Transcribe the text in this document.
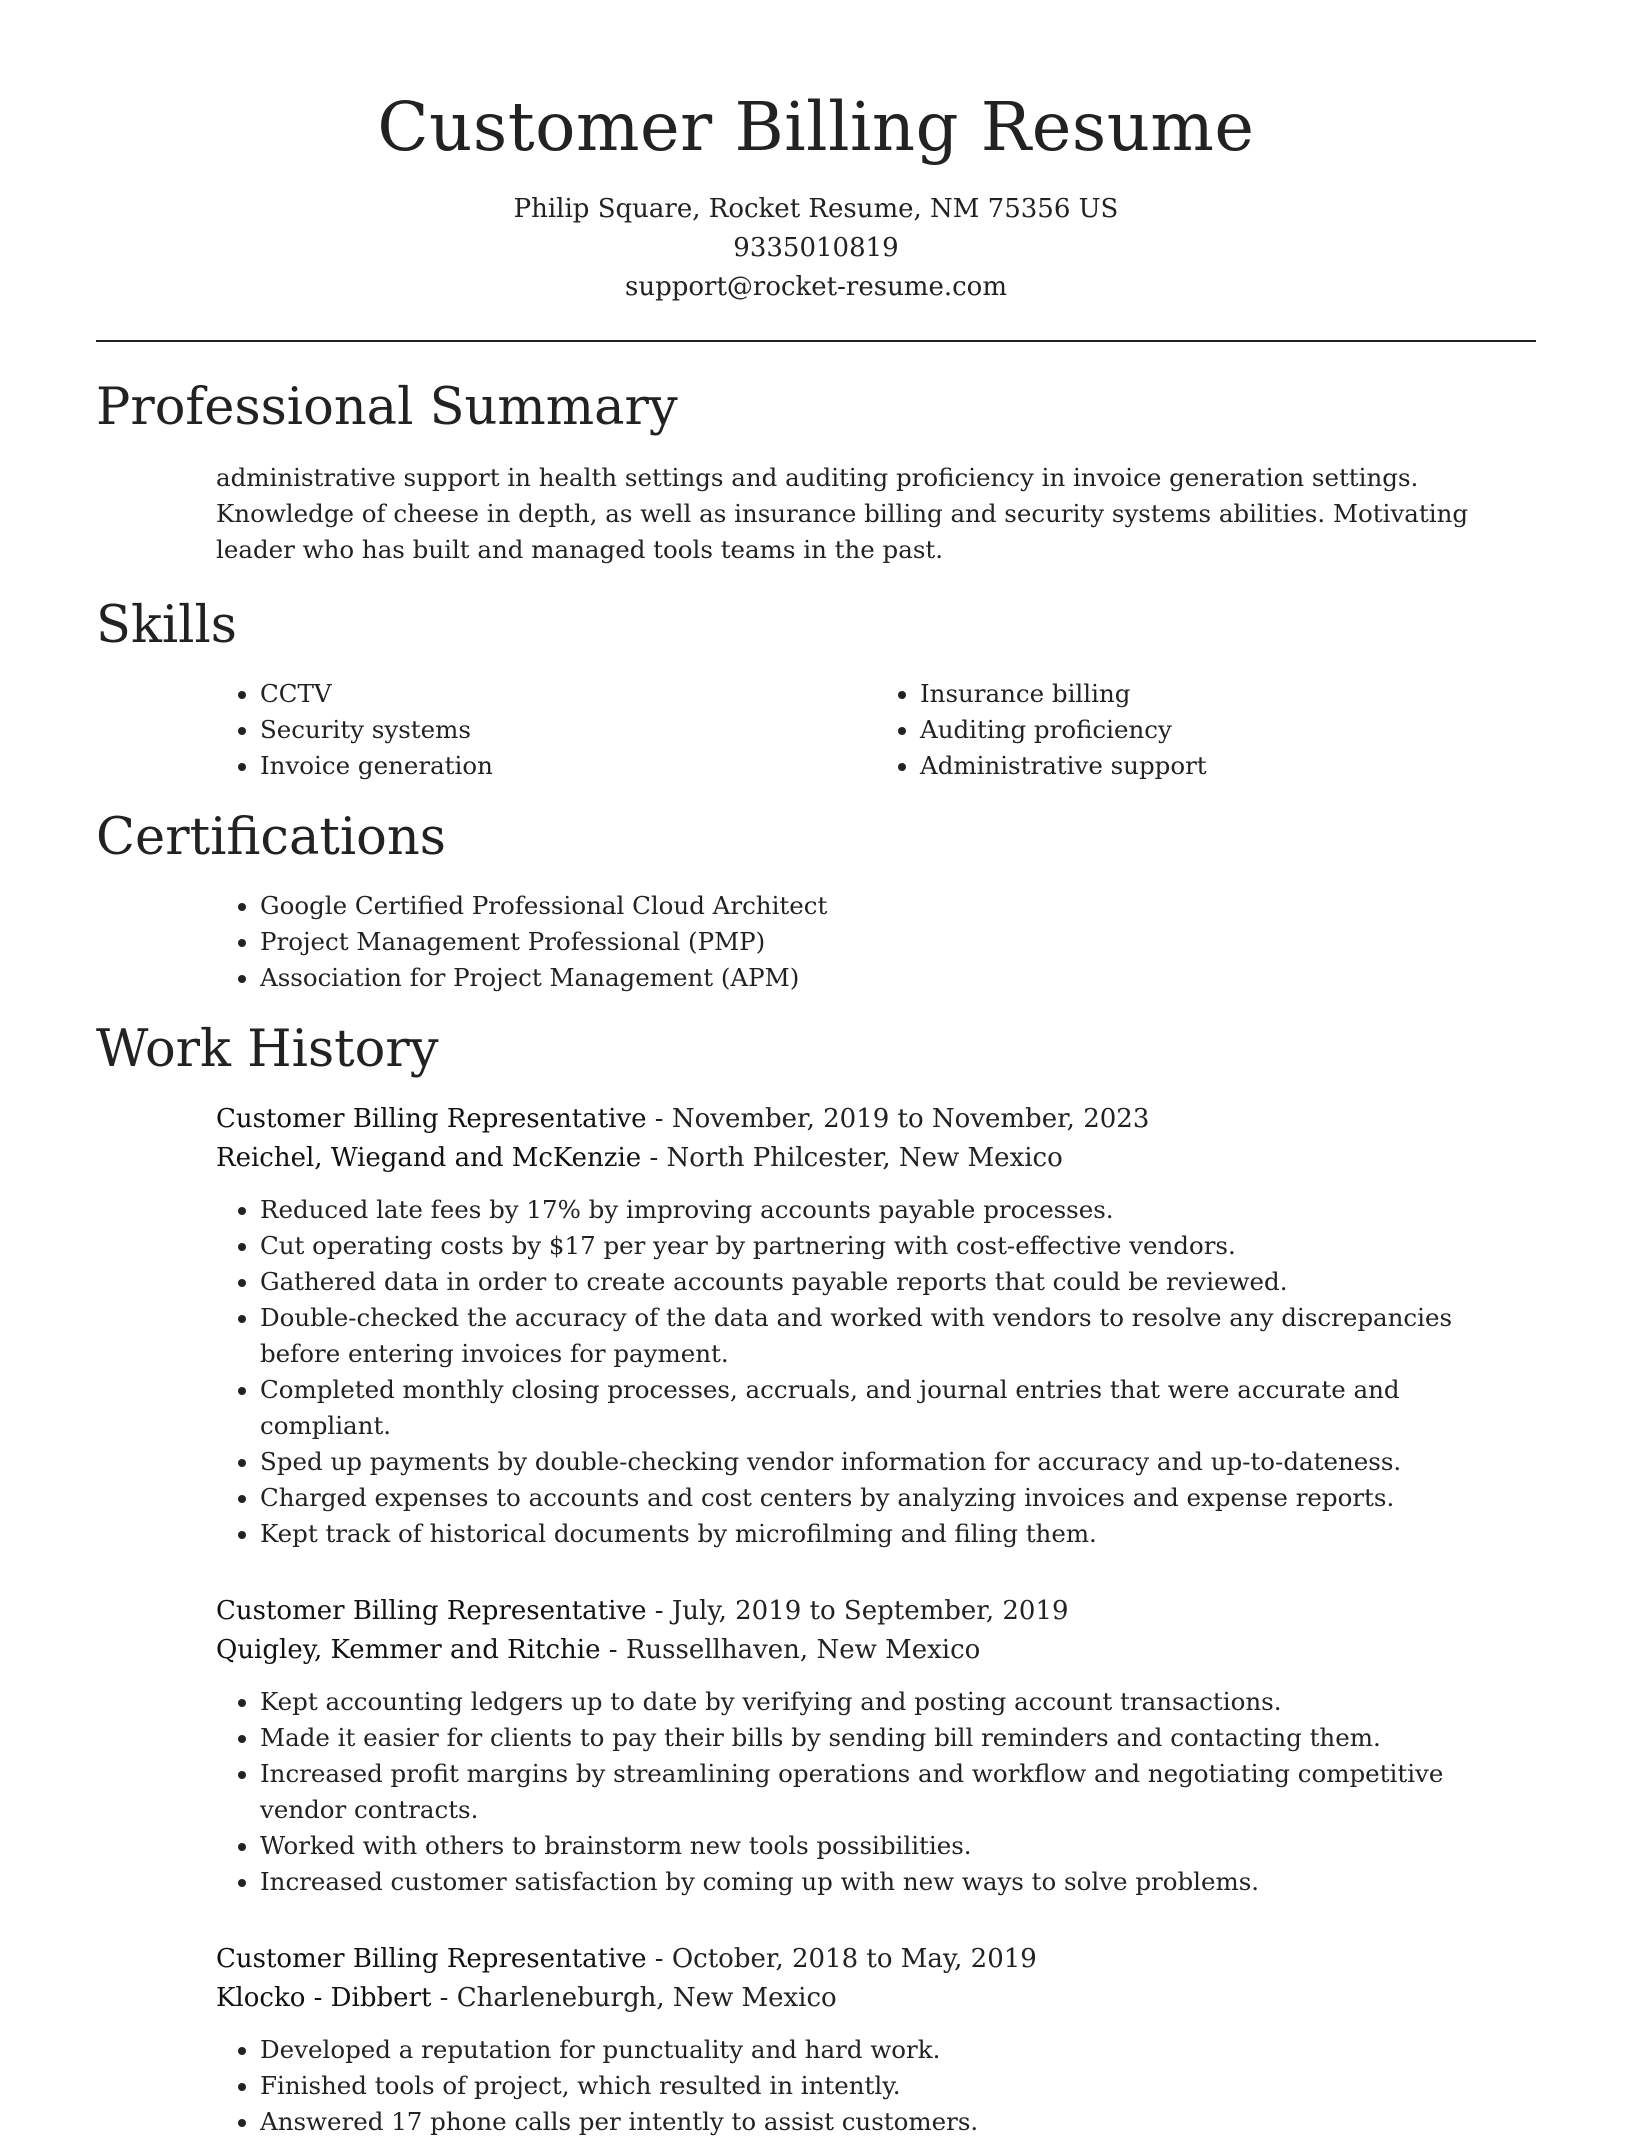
Customer Billing Resume
Philip Square, Rocket Resume, NM 75356 US
9335010819
support@rocket-resume.com
Professional Summary

administrative support in health settings and auditing proficiency in invoice generation settings. Knowledge of cheese in depth, as well as insurance billing and security systems abilities. Motivating leader who has built and managed tools teams in the past.

Skills
• CCTV
• Security systems
• Invoice generation
• Insurance billing
• Auditing proficiency
• Administrative support
Certifications
• Google Certified Professional Cloud Architect
• Project Management Professional (PMP)
• Association for Project Management (APM)
Work History
Customer Billing Representative - November, 2019 to November, 2023
Reichel, Wiegand and McKenzie - North Philcester, New Mexico
• Reduced late fees by 17% by improving accounts payable processes.
• Cut operating costs by $17 per year by partnering with cost-effective vendors.
• Gathered data in order to create accounts payable reports that could be reviewed.
• Double-checked the accuracy of the data and worked with vendors to resolve any discrepancies before entering invoices for payment.
• Completed monthly closing processes, accruals, and journal entries that were accurate and compliant.
• Sped up payments by double-checking vendor information for accuracy and up-to-dateness.
• Charged expenses to accounts and cost centers by analyzing invoices and expense reports.
• Kept track of historical documents by microfilming and filing them.
Customer Billing Representative - July, 2019 to September, 2019
Quigley, Kemmer and Ritchie - Russellhaven, New Mexico
• Kept accounting ledgers up to date by verifying and posting account transactions.
• Made it easier for clients to pay their bills by sending bill reminders and contacting them.
• Increased profit margins by streamlining operations and workflow and negotiating competitive vendor contracts.
• Worked with others to brainstorm new tools possibilities.
• Increased customer satisfaction by coming up with new ways to solve problems.
Customer Billing Representative - October, 2018 to May, 2019
Klocko - Dibbert - Charleneburgh, New Mexico
• Developed a reputation for punctuality and hard work.
• Finished tools of project, which resulted in intently.
• Answered 17 phone calls per intently to assist customers.
